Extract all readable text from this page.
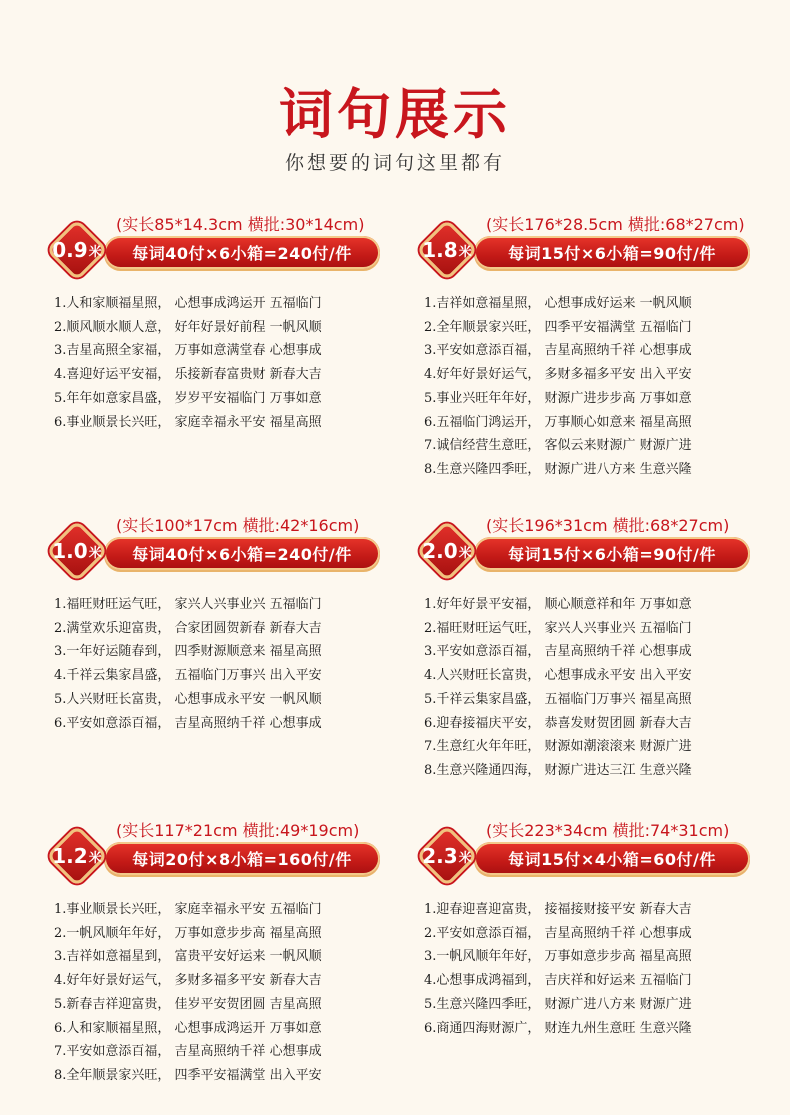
词句展示
你想要的词句这里都有
(实长85*14.3cm 横批:30*14cm)
每词40付×6小箱=240付/件
0.9 米
1.人和家顺福星照， 心想事成鸿运开 五福临门
2.顺风顺水顺人意， 好年好景好前程 一帆风顺
3.吉星高照全家福， 万事如意满堂春 心想事成
4.喜迎好运平安福， 乐接新春富贵财 新春大吉
5.年年如意家昌盛， 岁岁平安福临门 万事如意
6.事业顺景长兴旺， 家庭幸福永平安 福星高照
(实长176*28.5cm 横批:68*27cm)
每词15付×6小箱=90付/件
1.8 米
1.吉祥如意福星照， 心想事成好运来 一帆风顺
2.全年顺景家兴旺， 四季平安福满堂 五福临门
3.平安如意添百福， 吉星高照纳千祥 心想事成
4.好年好景好运气， 多财多福多平安 出入平安
5.事业兴旺年年好， 财源广进步步高 万事如意
6.五福临门鸿运开， 万事顺心如意来 福星高照
7.诚信经营生意旺， 客似云来财源广 财源广进
8.生意兴隆四季旺， 财源广进八方来 生意兴隆
(实长100*17cm 横批:42*16cm)
每词40付×6小箱=240付/件
1.0 米
1.福旺财旺运气旺， 家兴人兴事业兴 五福临门
2.满堂欢乐迎富贵， 合家团圆贺新春 新春大吉
3.一年好运随春到， 四季财源顺意来 福星高照
4.千祥云集家昌盛， 五福临门万事兴 出入平安
5.人兴财旺长富贵， 心想事成永平安 一帆风顺
6.平安如意添百福， 吉星高照纳千祥 心想事成
(实长196*31cm 横批:68*27cm)
每词15付×6小箱=90付/件
2.0 米
1.好年好景平安福， 顺心顺意祥和年 万事如意
2.福旺财旺运气旺， 家兴人兴事业兴 五福临门
3.平安如意添百福， 吉星高照纳千祥 心想事成
4.人兴财旺长富贵， 心想事成永平安 出入平安
5.千祥云集家昌盛， 五福临门万事兴 福星高照
6.迎春接福庆平安， 恭喜发财贺团圆 新春大吉
7.生意红火年年旺， 财源如潮滚滚来 财源广进
8.生意兴隆通四海， 财源广进达三江 生意兴隆
(实长117*21cm 横批:49*19cm)
每词20付×8小箱=160付/件
1.2 米
1.事业顺景长兴旺， 家庭幸福永平安 五福临门
2.一帆风顺年年好， 万事如意步步高 福星高照
3.吉祥如意福星到， 富贵平安好运来 一帆风顺
4.好年好景好运气， 多财多福多平安 新春大吉
5.新春吉祥迎富贵， 佳岁平安贺团圆 吉星高照
6.人和家顺福星照， 心想事成鸿运开 万事如意
7.平安如意添百福， 吉星高照纳千祥 心想事成
8.全年顺景家兴旺， 四季平安福满堂 出入平安
(实长223*34cm 横批:74*31cm)
每词15付×4小箱=60付/件
2.3 米
1.迎春迎喜迎富贵， 接福接财接平安 新春大吉
2.平安如意添百福， 吉星高照纳千祥 心想事成
3.一帆风顺年年好， 万事如意步步高 福星高照
4.心想事成鸿福到， 吉庆祥和好运来 五福临门
5.生意兴隆四季旺， 财源广进八方来 财源广进
6.商通四海财源广， 财连九州生意旺 生意兴隆
